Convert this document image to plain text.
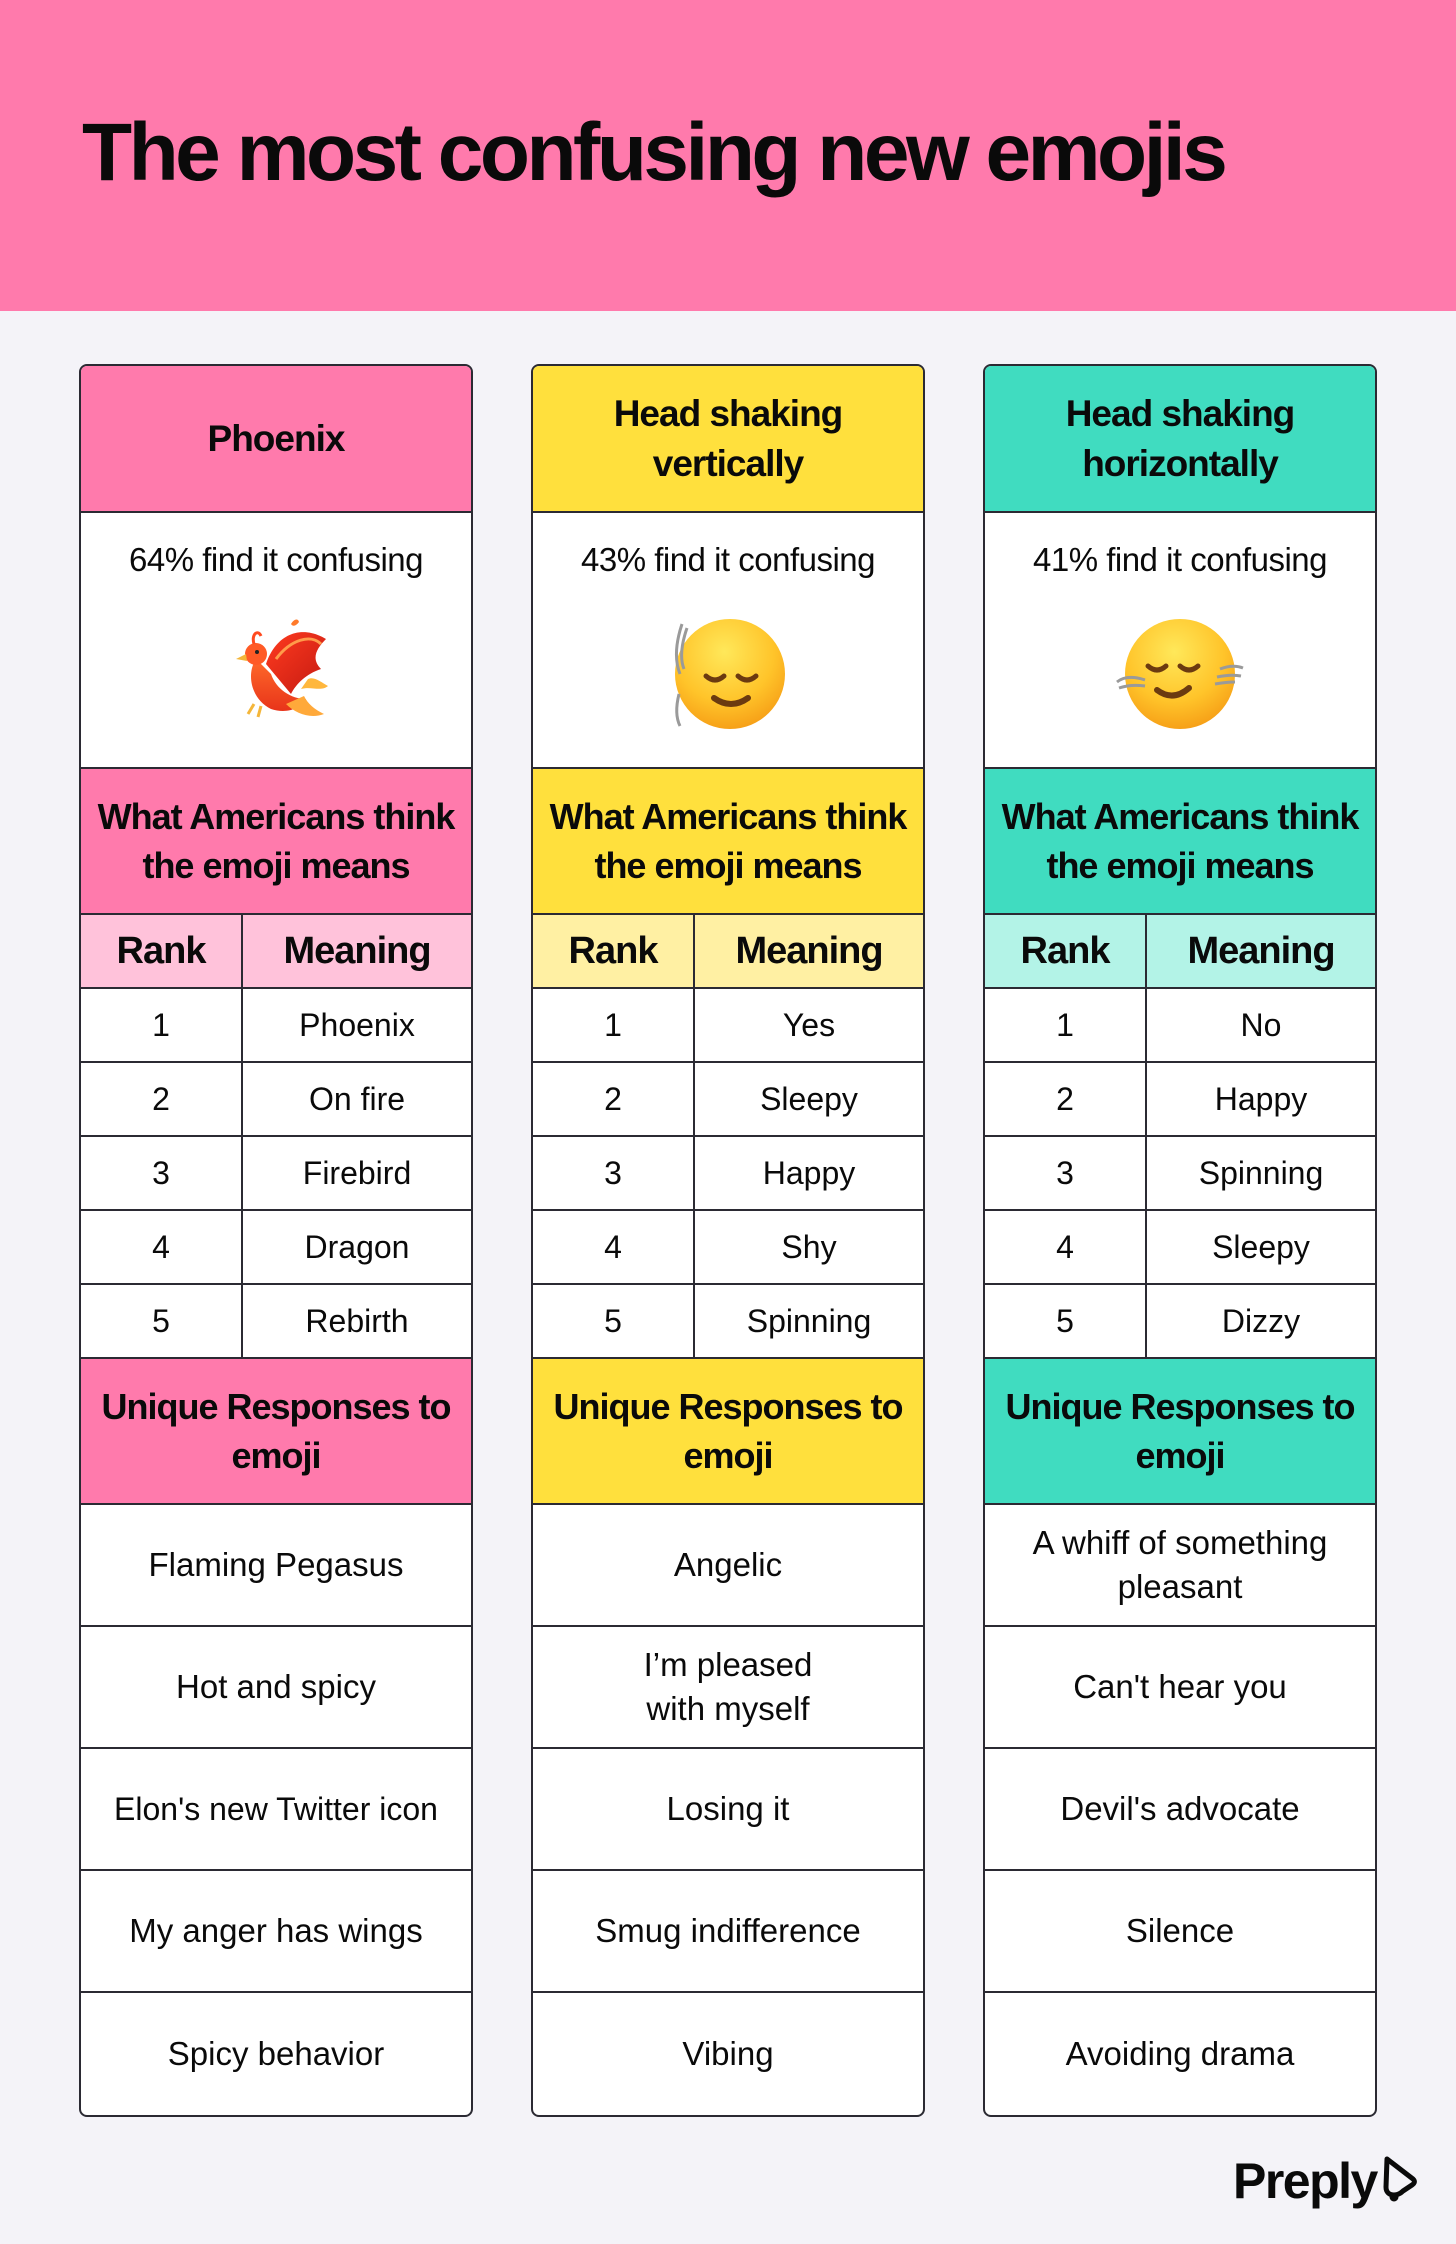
The most confusing new emojis
Phoenix
64% find it confusing
What Americans think the emoji means
Rank	Meaning
1	Phoenix
2	On fire
3	Firebird
4	Dragon
5	Rebirth
Unique Responses to emoji
Flaming Pegasus
Hot and spicy
Elon's new Twitter icon
My anger has wings
Spicy behavior
Head shaking vertically
43% find it confusing
What Americans think the emoji means
Rank	Meaning
1	Yes
2	Sleepy
3	Happy
4	Shy
5	Spinning
Unique Responses to emoji
Angelic
I’m pleased with myself
Losing it
Smug indifference
Vibing
Head shaking horizontally
41% find it confusing
What Americans think the emoji means
Rank	Meaning
1	No
2	Happy
3	Spinning
4	Sleepy
5	Dizzy
Unique Responses to emoji
A whiff of something pleasant
Can't hear you
Devil's advocate
Silence
Avoiding drama
Preply
